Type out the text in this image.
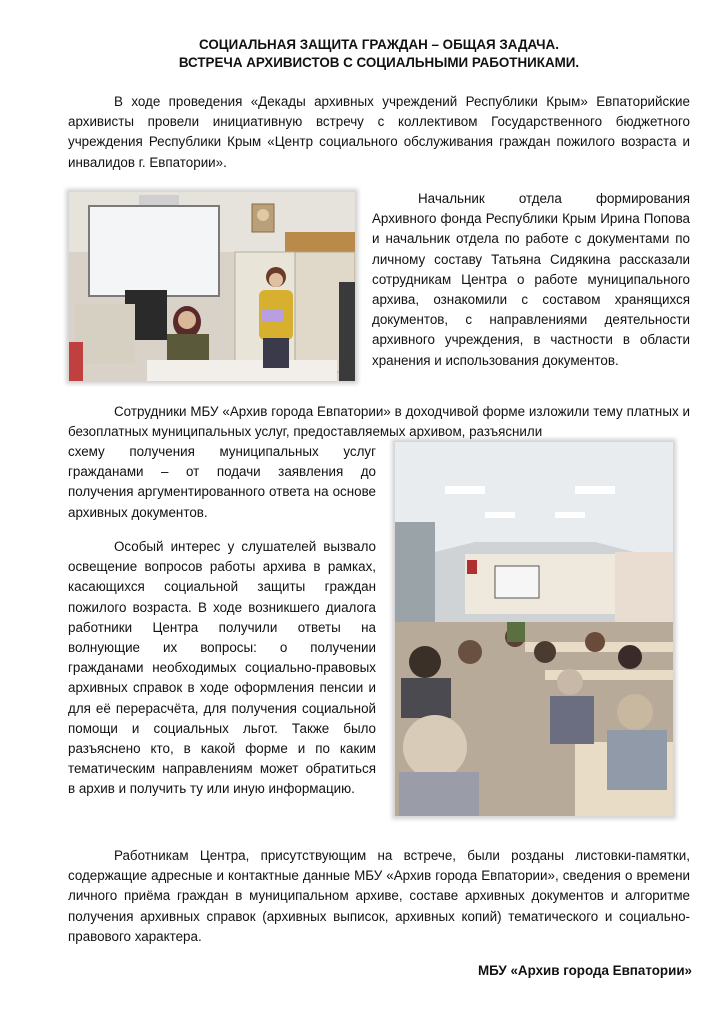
СОЦИАЛЬНАЯ ЗАЩИТА ГРАЖДАН – ОБЩАЯ ЗАДАЧА.
ВСТРЕЧА АРХИВИСТОВ С СОЦИАЛЬНЫМИ РАБОТНИКАМИ.

В ходе проведения «Декады архивных учреждений Республики Крым» Евпаторийские архивисты провели инициативную встречу с коллективом Государственного бюджетного учреждения Республики Крым «Центр социального обслуживания граждан пожилого возраста и инвалидов г. Евпатории».

Начальник отдела формирования Архивного фонда Республики Крым Ирина Попова и начальник отдела по работе с документами по личному составу Татьяна Сидякина рассказали сотрудникам Центра о работе муниципального архива, ознакомили с составом хранящихся документов, с направлениями деятельности архивного учреждения, в частности в области хранения и использования документов.

Сотрудники МБУ «Архив города Евпатории» в доходчивой форме изложили тему платных и безоплатных муниципальных услуг, предоставляемых архивом, разъяснили

схему получения муниципальных услуг гражданами – от подачи заявления до получения аргументированного ответа на основе архивных документов.

Особый интерес у слушателей вызвало освещение вопросов работы архива в рамках, касающихся социальной защиты граждан пожилого возраста. В ходе возникшего диалога работники Центра получили ответы на волнующие их вопросы: о получении гражданами необходимых социально-правовых архивных справок в ходе оформления пенсии и для её перерасчёта, для получения социальной помощи и социальных льгот. Также было разъяснено кто, в какой форме и по каким тематическим направлениям может обратиться в архив и получить ту или иную информацию.

Работникам Центра, присутствующим на встрече, были розданы листовки-памятки, содержащие адресные и контактные данные МБУ «Архив города Евпатории», сведения о времени личного приёма граждан в муниципальном архиве, составе архивных документов и алгоритме получения архивных справок (архивных выписок, архивных копий) тематического и социально-правового характера.

МБУ «Архив города Евпатории»
